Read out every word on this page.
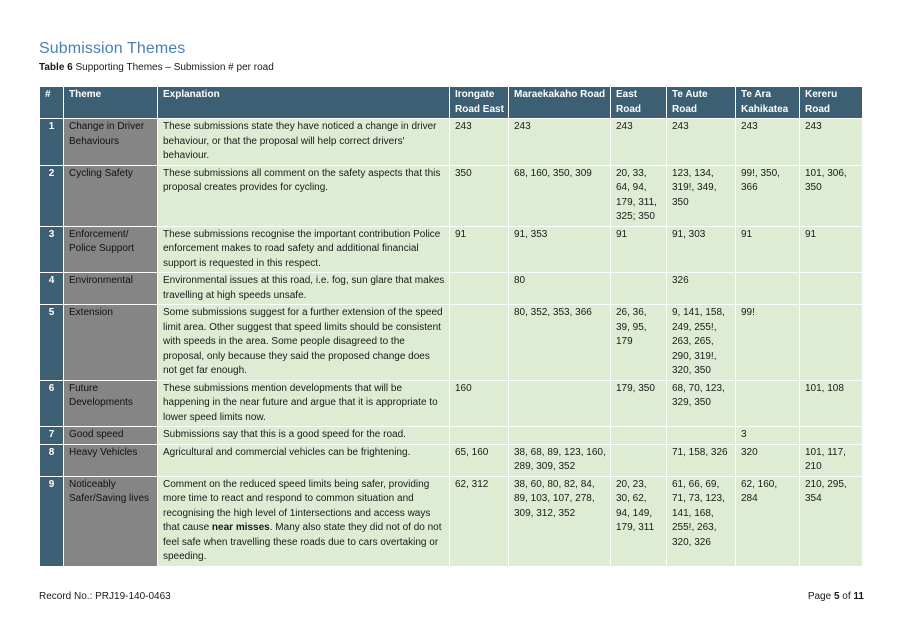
Submission Themes
Table 6 Supporting Themes – Submission # per road
#	Theme	Explanation	Irongate Road East	Maraekakaho Road	East Road	Te Aute Road	Te Ara Kahikatea	Kereru Road
1	Change in Driver Behaviours	These submissions state they have noticed a change in driver behaviour, or that the proposal will help correct drivers' behaviour.	243	243	243	243	243	243
2	Cycling Safety	These submissions all comment on the safety aspects that this proposal creates provides for cycling.	350	68, 160, 350, 309	20, 33, 64, 94, 179, 311, 325; 350	123, 134, 319!, 349, 350	99!, 350, 366	101, 306, 350
3	Enforcement/ Police Support	These submissions recognise the important contribution Police enforcement makes to road safety and additional financial support is requested in this respect.	91	91, 353	91	91, 303	91	91
4	Environmental	Environmental issues at this road, i.e. fog, sun glare that makes travelling at high speeds unsafe.		80		326		
5	Extension	Some submissions suggest for a further extension of the speed limit area. Other suggest that speed limits should be consistent with speeds in the area. Some people disagreed to the proposal, only because they said the proposed change does not get far enough.		80, 352, 353, 366	26, 36, 39, 95, 179	9, 141, 158, 249, 255!, 263, 265, 290, 319!, 320, 350	99!	
6	Future Developments	These submissions mention developments that will be happening in the near future and argue that it is appropriate to lower speed limits now.	160		179, 350	68, 70, 123, 329, 350		101, 108
7	Good speed	Submissions say that this is a good speed for the road.					3	
8	Heavy Vehicles	Agricultural and commercial vehicles can be frightening.	65, 160	38, 68, 89, 123, 160, 289, 309, 352		71, 158, 326	320	101, 117, 210
9	Noticeably Safer/Saving lives	Comment on the reduced speed limits being safer, providing more time to react and respond to common situation and recognising the high level of 1intersections and access ways that cause near misses. Many also state they did not of do not feel safe when travelling these roads due to cars overtaking or speeding.	62, 312	38, 60, 80, 82, 84, 89, 103, 107, 278, 309, 312, 352	20, 23, 30, 62, 94, 149, 179, 311	61, 66, 69, 71, 73, 123, 141, 168, 255!, 263, 320, 326	62, 160, 284	210, 295, 354
Record No.: PRJ19-140-0463	Page 5 of 11
